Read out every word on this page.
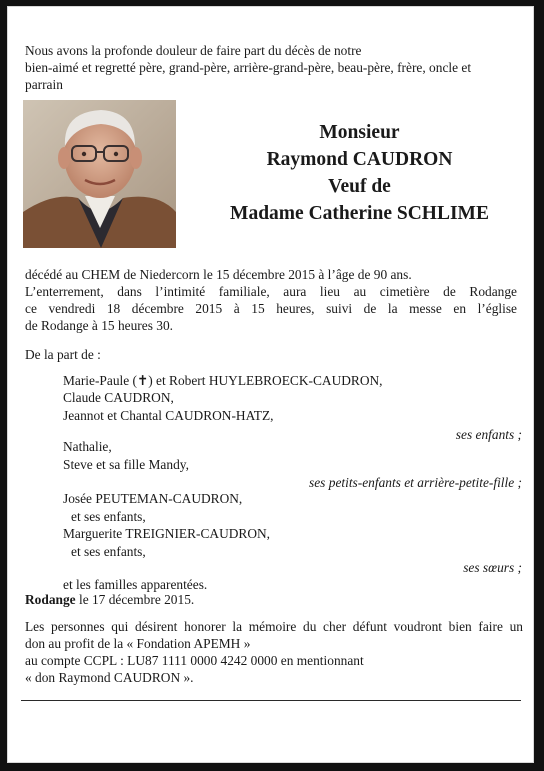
Nous avons la profonde douleur de faire part du décès de notre
bien-aimé et regretté père, grand-père, arrière-grand-père, beau-père, frère, oncle et
parrain
Monsieur
Raymond CAUDRON
Veuf de
Madame Catherine SCHLIME
décédé au CHEM de Niedercorn le 15 décembre 2015 à l’âge de 90 ans.
L’enterrement, dans l’intimité familiale, aura lieu au cimetière de Rodange
ce vendredi 18 décembre 2015 à 15 heures, suivi de la messe en l’église
de Rodange à 15 heures 30.
De la part de :
Marie-Paule (✝) et Robert HUYLEBROECK-CAUDRON,
Claude CAUDRON,
Jeannot et Chantal CAUDRON-HATZ,
ses enfants ;
Nathalie,
Steve et sa fille Mandy,
ses petits-enfants et arrière-petite-fille ;
Josée PEUTEMAN-CAUDRON,
et ses enfants,
Marguerite TREIGNIER-CAUDRON,
et ses enfants,
ses sœurs ;
et les familles apparentées.
Rodange le 17 décembre 2015.
Les personnes qui désirent honorer la mémoire du cher défunt voudront bien faire un
don au profit de la « Fondation APEMH »
au compte CCPL : LU87 1111 0000 4242 0000 en mentionnant
« don Raymond CAUDRON ».
